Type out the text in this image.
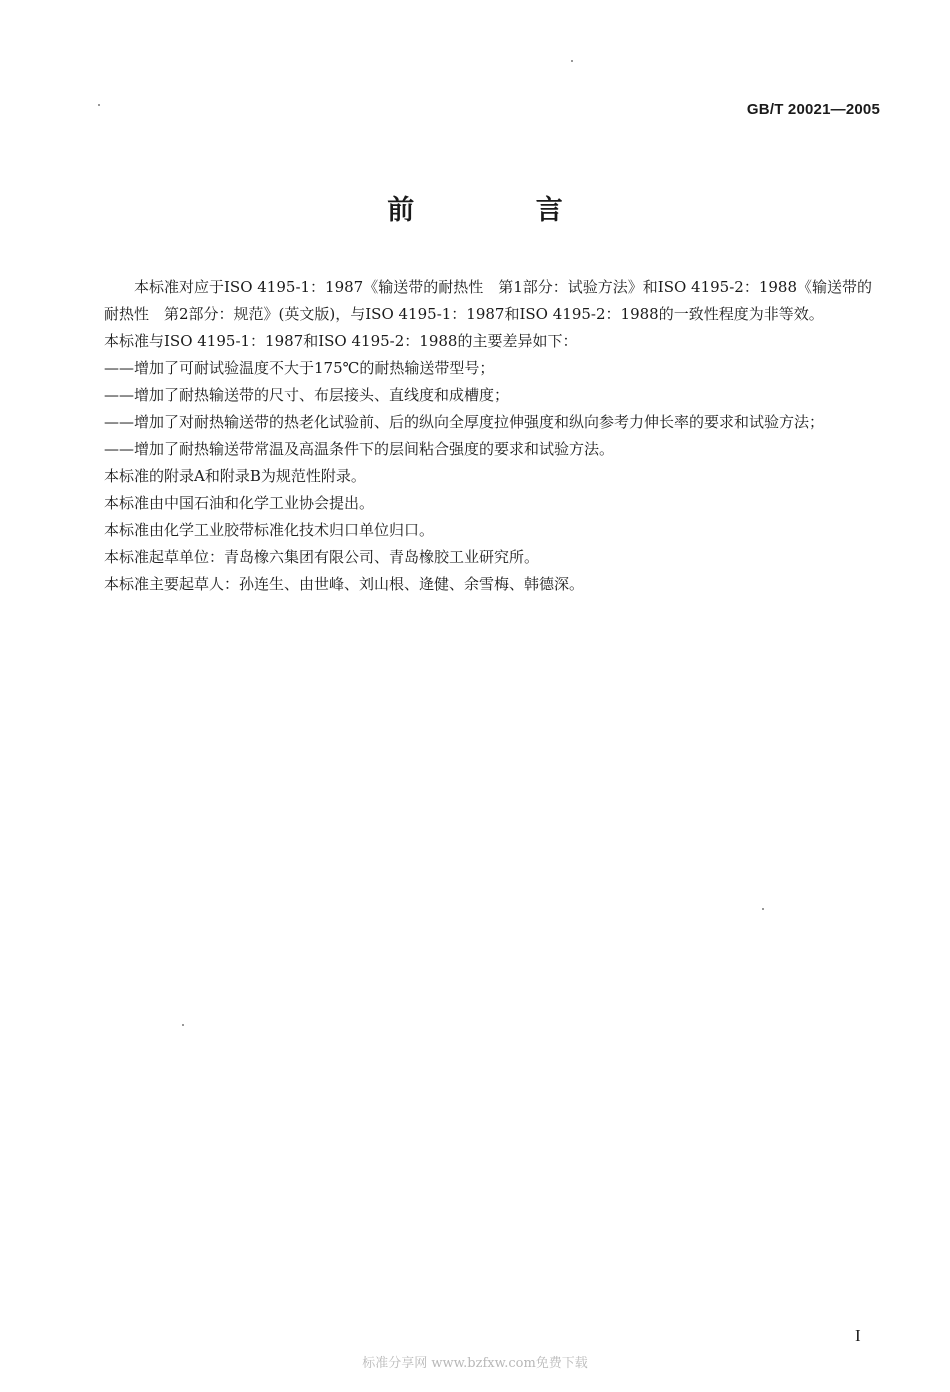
GB/T 20021—2005
前 言

本标准对应于ISO 4195-1：1987《输送带的耐热性　第1部分：试验方法》和ISO 4195-2：1988《输送带的耐热性　第2部分：规范》(英文版)，与ISO 4195-1：1987和ISO 4195-2：1988的一致性程度为非等效。

本标准与ISO 4195-1：1987和ISO 4195-2：1988的主要差异如下：

——增加了可耐试验温度不大于175℃的耐热输送带型号；

——增加了耐热输送带的尺寸、布层接头、直线度和成槽度；

——增加了对耐热输送带的热老化试验前、后的纵向全厚度拉伸强度和纵向参考力伸长率的要求和试验方法；

——增加了耐热输送带常温及高温条件下的层间粘合强度的要求和试验方法。

本标准的附录A和附录B为规范性附录。

本标准由中国石油和化学工业协会提出。

本标准由化学工业胶带标准化技术归口单位归口。

本标准起草单位：青岛橡六集团有限公司、青岛橡胶工业研究所。

本标准主要起草人：孙连生、由世峰、刘山根、逄健、余雪梅、韩德深。

I
标准分享网 www.bzfxw.com免费下载
